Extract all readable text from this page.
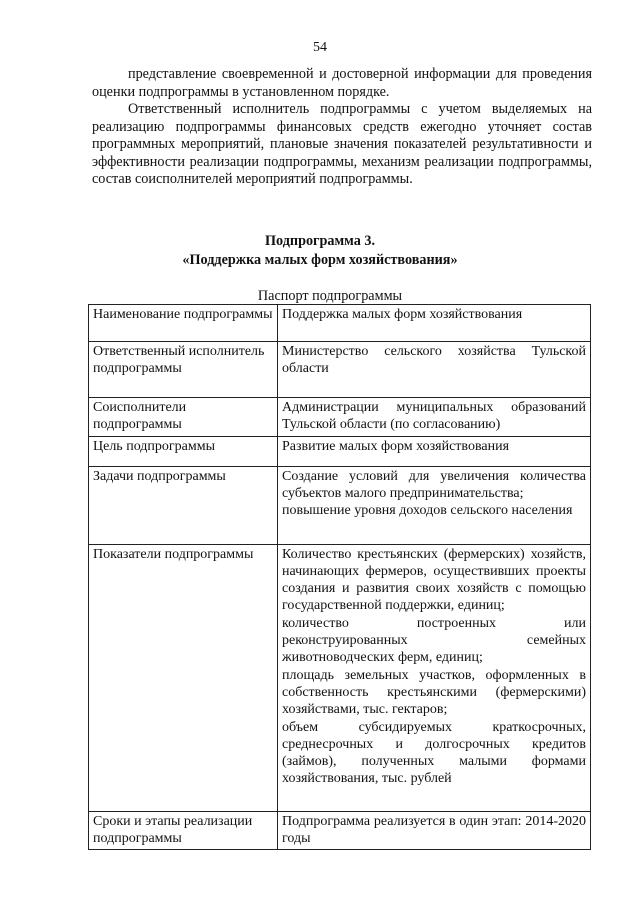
54

представление своевременной и достоверной информации для проведения оценки подпрограммы в установленном порядке.

Ответственный исполнитель подпрограммы с учетом выделяемых на реализацию подпрограммы финансовых средств ежегодно уточняет состав программных мероприятий, плановые значения показателей результативности и эффективности реализации подпрограммы, механизм реализации подпрограммы, состав соисполнителей мероприятий подпрограммы.

Подпрограмма 3.
«Поддержка малых форм хозяйствования»
Паспорт подпрограммы
Наименование подпрограммы	Поддержка малых форм хозяйствования
Ответственный исполнитель подпрограммы	Министерство сельского хозяйства Тульской области
Соисполнители подпрограммы	Администрации муниципальных образований Тульской области (по согласованию)
Цель подпрограммы	Развитие малых форм хозяйствования
Задачи подпрограммы	Создание условий для увеличения количества субъектов малого предпринимательства;
повышение уровня доходов сельского населения

Показатели подпрограммы	Количество крестьянских (фермерских) хозяйств, начинающих фермеров, осуществивших проекты создания и развития своих хозяйств с помощью государственной поддержки, единиц;
количество построенных или реконструированных семейных животноводческих ферм, единиц;
площадь земельных участков, оформленных в собственность крестьянскими (фермерскими) хозяйствами, тыс. гектаров;
объем субсидируемых краткосрочных, среднесрочных и долгосрочных кредитов (займов), полученных малыми формами хозяйствования, тыс. рублей

Сроки и этапы реализации подпрограммы	Подпрограмма реализуется в один этап: 2014-2020 годы
